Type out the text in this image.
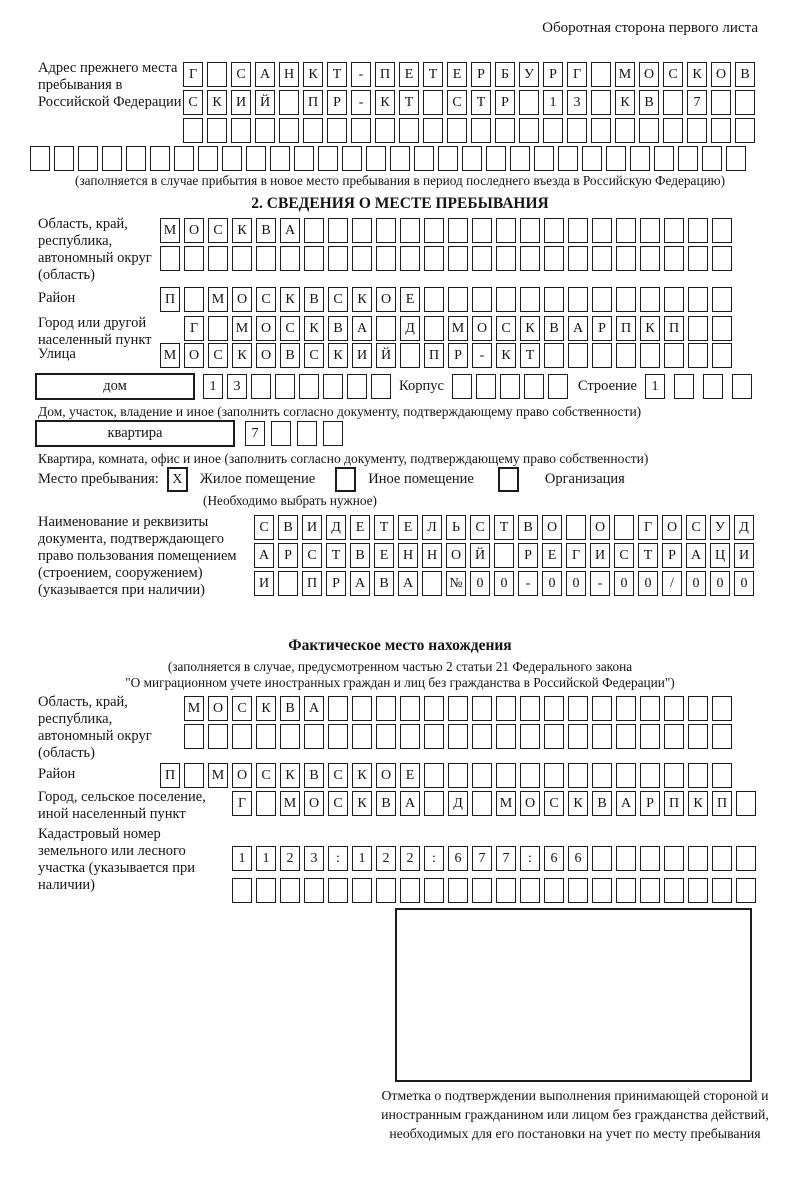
Оборотная сторона первого листа
Адрес прежнего места пребывания в Российской Федерации
Г	С	А Н	К	Т	-	П	Е	Т	Е	Р	Б	У	Р	Г	М О	С	К	О	В
С	К	И Й	П	Р	-	К	Т	С	Т	Р	1	3	К	В	7
(заполняется в случае прибытия в новое место пребывания в период последнего въезда в Российскую Федерацию)
2. СВЕДЕНИЯ О МЕСТЕ ПРЕБЫВАНИЯ
Область, край, республика, автономный округ (область)
М О	С	К	В	А
Район	П	М О	С	К	В	С	К	О	Е
Город или другой населенный пункт
Г	М О	С	К	В	А	Д	М О	С	К	В	А	Р	П	К	П
Улица	М О	С	К	О	В	С	К	И Й	П	Р	-	К	Т
дом	1	3	Корпус	Строение	1
Дом, участок, владение и иное (заполнить согласно документу, подтверждающему право собственности)
квартира	7
Квартира, комната, офис и иное (заполнить согласно документу, подтверждающему право собственности)
Место пребывания: X	Жилое помещение	Иное помещение	Организация
(Необходимо выбрать нужное)
Наименование и реквизиты документа, подтверждающего право пользования помещением (строением, сооружением) (указывается при наличии)
С	В	И	Д	Е	Т	Е	Л	Ь	С	Т	В	О	О	Г	О	С	У	Д
А	Р	С	Т	В	Е	Н Н О Й	Р	Е	Г	И	С	Т	Р	А Ц И
И	П	Р	А	В	А	№ 0	0	-	0	0	-	0	0	/	0	0	0
Фактическое место нахождения
(заполняется в случае, предусмотренном частью 2 статьи 21 Федерального закона
"О миграционном учете иностранных граждан и лиц без гражданства в Российской Федерации")
Область, край, республика, автономный округ (область)
М О	С	К	В	А
Район	П	М О	С	К	В	С	К	О	Е
Город, сельское поселение, иной населенный пункт
Г	М О	С	К	В	А	Д	М О	С	К	В	А	Р	П	К	П
Кадастровый номер земельного или лесного участка (указывается при наличии)
1	1	2	3	:	1	2	2	:	6	7	7	:	6	6
Отметка о подтверждении выполнения принимающей стороной и иностранным гражданином или лицом без гражданства действий, необходимых для его постановки на учет по месту пребывания
